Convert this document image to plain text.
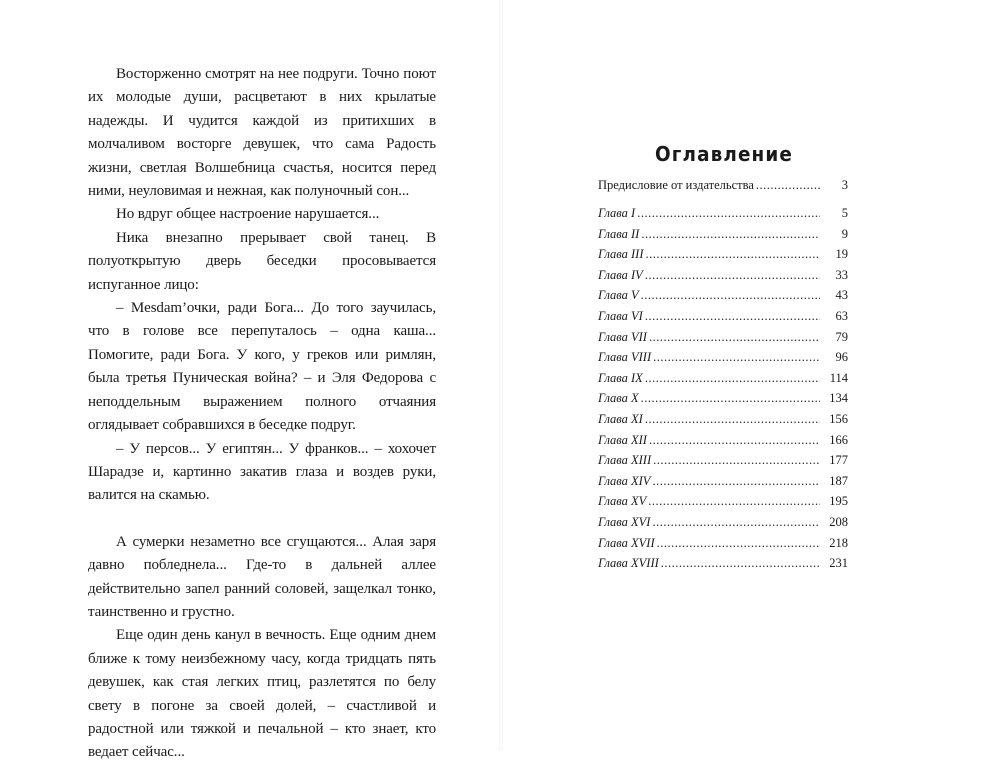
Восторженно смотрят на нее подруги. Точно поют их молодые души, расцветают в них крылатые надежды. И чудится каждой из притихших в молчаливом восторге девушек, что сама Радость жизни, светлая Волшебница счастья, носится перед ними, неуловимая и нежная, как полуночный сон...

Но вдруг общее настроение нарушается...

Ника внезапно прерывает свой танец. В полуоткрытую дверь беседки просовывается испуганное лицо:

– Mesdam’очки, ради Бога... До того заучилась, что в голове все перепуталось – одна каша... Помогите, ради Бога. У кого, у греков или римлян, была третья Пуническая война? – и Эля Федорова с неподдельным выражением полного отчаяния оглядывает собравшихся в беседке подруг.

– У персов... У египтян... У франков... – хохочет Шарадзе и, картинно закатив глаза и воздев руки, валится на скамью.

А сумерки незаметно все сгущаются... Алая заря давно побледнела... Где-то в дальней аллее действительно запел ранний соловей, защелкал тонко, таинственно и грустно.

Еще один день канул в вечность. Еще одним днем ближе к тому неизбежному часу, когда тридцать пять девушек, как стая легких птиц, разлетятся по белу свету в погоне за своей долей, – счастливой и радостной или тяжкой и печальной – кто знает, кто ведает сейчас...

Оглавление
Предисловие от издательства .....	3
Глава I .....	5
Глава II .....	9
Глава III .....	19
Глава IV .....	33
Глава V .....	43
Глава VI .....	63
Глава VII .....	79
Глава VIII .....	96
Глава IX .....	114
Глава X .....	134
Глава XI .....	156
Глава XII .....	166
Глава XIII .....	177
Глава XIV .....	187
Глава XV .....	195
Глава XVI .....	208
Глава XVII .....	218
Глава XVIII .....	231
